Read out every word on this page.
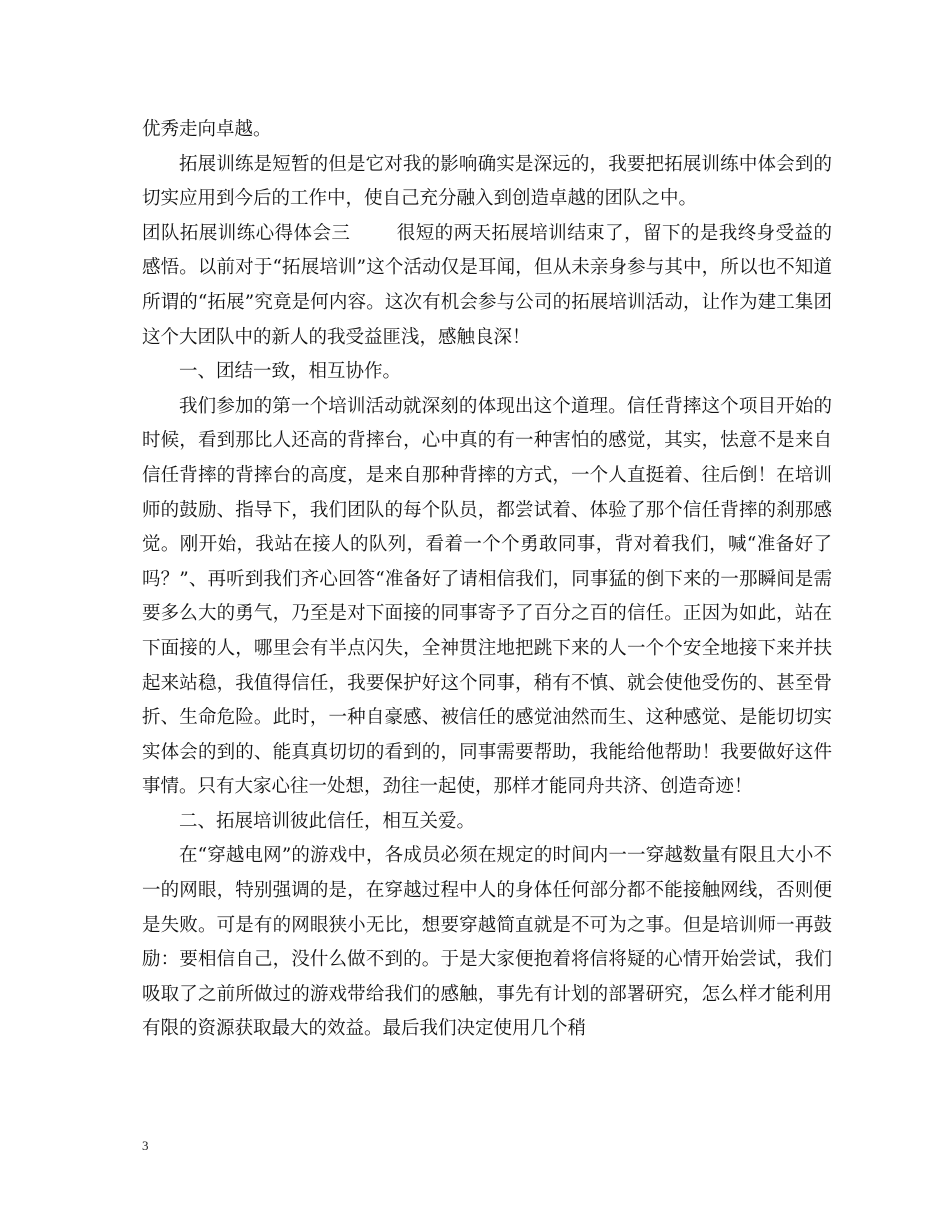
优秀走向卓越。

拓展训练是短暂的但是它对我的影响确实是深远的，我要把拓展训练中体会到的切实应用到今后的工作中，使自己充分融入到创造卓越的团队之中。

团队拓展训练心得体会三 很短的两天拓展培训结束了，留下的是我终身受益的感悟。以前对于“拓展培训”这个活动仅是耳闻，但从未亲身参与其中，所以也不知道所谓的“拓展”究竟是何内容。这次有机会参与公司的拓展培训活动，让作为建工集团这个大团队中的新人的我受益匪浅，感触良深！

一、团结一致，相互协作。

我们参加的第一个培训活动就深刻的体现出这个道理。信任背摔这个项目开始的时候，看到那比人还高的背摔台，心中真的有一种害怕的感觉，其实，怯意不是来自信任背摔的背摔台的高度，是来自那种背摔的方式，一个人直挺着、往后倒！在培训师的鼓励、指导下，我们团队的每个队员，都尝试着、体验了那个信任背摔的刹那感觉。刚开始，我站在接人的队列，看着一个个勇敢同事，背对着我们，喊“准备好了吗？”、再听到我们齐心回答“准备好了请相信我们，同事猛的倒下来的一那瞬间是需要多么大的勇气，乃至是对下面接的同事寄予了百分之百的信任。正因为如此，站在下面接的人，哪里会有半点闪失，全神贯注地把跳下来的人一个个安全地接下来并扶起来站稳，我值得信任，我要保护好这个同事，稍有不慎、就会使他受伤的、甚至骨折、生命危险。此时，一种自豪感、被信任的感觉油然而生、这种感觉、是能切切实实体会的到的、能真真切切的看到的，同事需要帮助，我能给他帮助！我要做好这件事情。只有大家心往一处想，劲往一起使，那样才能同舟共济、创造奇迹！

二、拓展培训彼此信任，相互关爱。

在“穿越电网”的游戏中，各成员必须在规定的时间内一一穿越数量有限且大小不一的网眼，特别强调的是，在穿越过程中人的身体任何部分都不能接触网线，否则便是失败。可是有的网眼狭小无比，想要穿越简直就是不可为之事。但是培训师一再鼓励：要相信自己，没什么做不到的。于是大家便抱着将信将疑的心情开始尝试，我们吸取了之前所做过的游戏带给我们的感触，事先有计划的部署研究，怎么样才能利用有限的资源获取最大的效益。最后我们决定使用几个稍

3
